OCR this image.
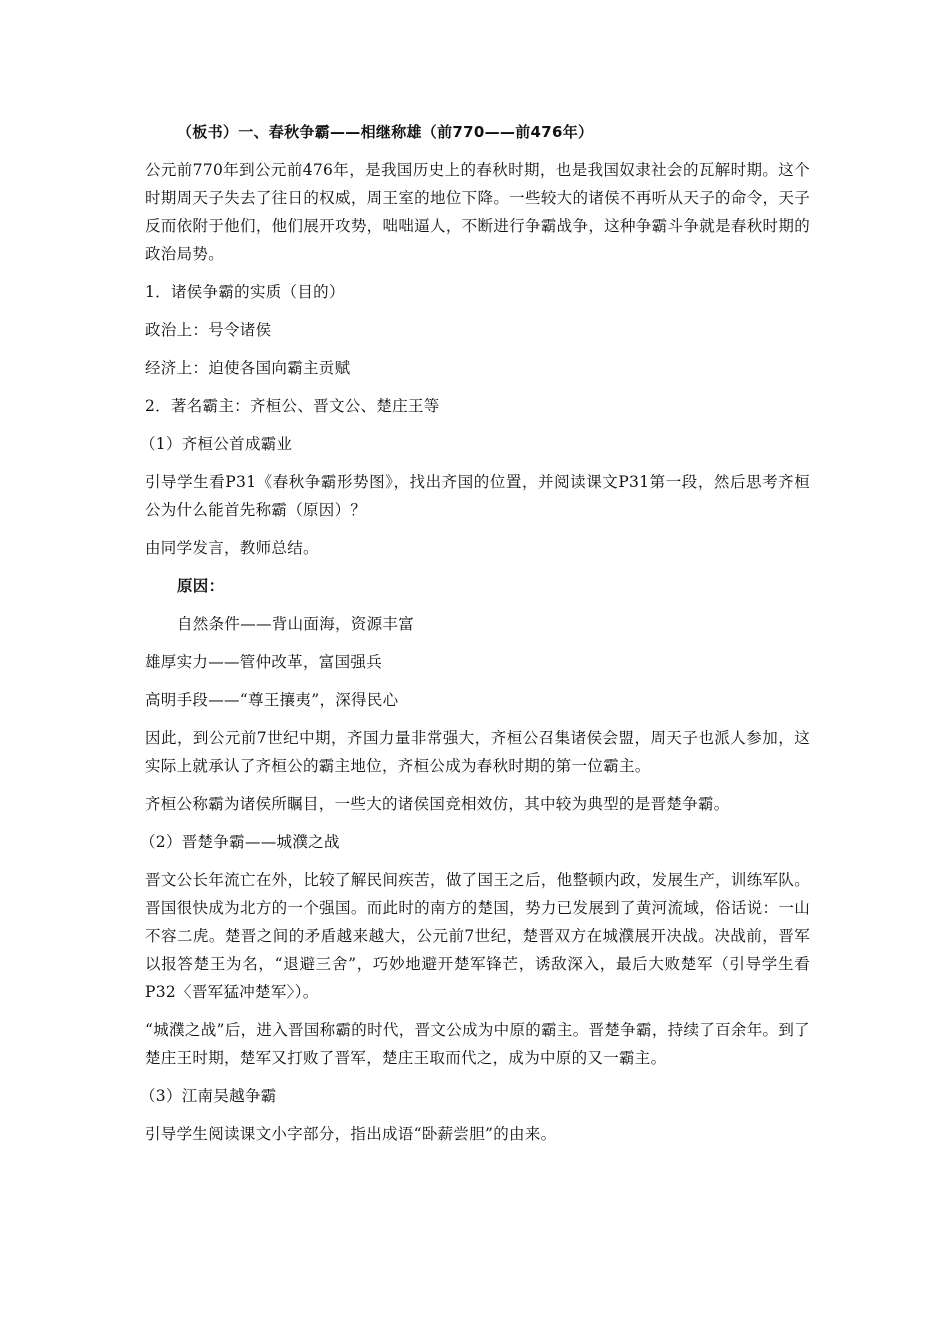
（板书）一、春秋争霸——相继称雄（前770——前476年）

公元前770年到公元前476年，是我国历史上的春秋时期，也是我国奴隶社会的瓦解时期。这个时期周天子失去了往日的权威，周王室的地位下降。一些较大的诸侯不再听从天子的命令，天子反而依附于他们，他们展开攻势，咄咄逼人，不断进行争霸战争，这种争霸斗争就是春秋时期的政治局势。

1．诸侯争霸的实质（目的）

政治上：号令诸侯

经济上：迫使各国向霸主贡赋

2．著名霸主：齐桓公、晋文公、楚庄王等

（1）齐桓公首成霸业

引导学生看P31《春秋争霸形势图》，找出齐国的位置，并阅读课文P31第一段，然后思考齐桓公为什么能首先称霸（原因）？

由同学发言，教师总结。

原因：

自然条件——背山面海，资源丰富

雄厚实力——管仲改革，富国强兵

高明手段——“尊王攘夷”，深得民心

因此，到公元前7世纪中期，齐国力量非常强大，齐桓公召集诸侯会盟，周天子也派人参加，这实际上就承认了齐桓公的霸主地位，齐桓公成为春秋时期的第一位霸主。

齐桓公称霸为诸侯所瞩目，一些大的诸侯国竞相效仿，其中较为典型的是晋楚争霸。

（2）晋楚争霸——城濮之战

晋文公长年流亡在外，比较了解民间疾苦，做了国王之后，他整顿内政，发展生产，训练军队。晋国很快成为北方的一个强国。而此时的南方的楚国，势力已发展到了黄河流域，俗话说：一山不容二虎。楚晋之间的矛盾越来越大，公元前7世纪，楚晋双方在城濮展开决战。决战前，晋军以报答楚王为名，“退避三舍”，巧妙地避开楚军锋芒，诱敌深入，最后大败楚军（引导学生看P32〈晋军猛冲楚军〉）。

“城濮之战”后，进入晋国称霸的时代，晋文公成为中原的霸主。晋楚争霸，持续了百余年。到了楚庄王时期，楚军又打败了晋军，楚庄王取而代之，成为中原的又一霸主。

（3）江南吴越争霸

引导学生阅读课文小字部分，指出成语“卧薪尝胆”的由来。
